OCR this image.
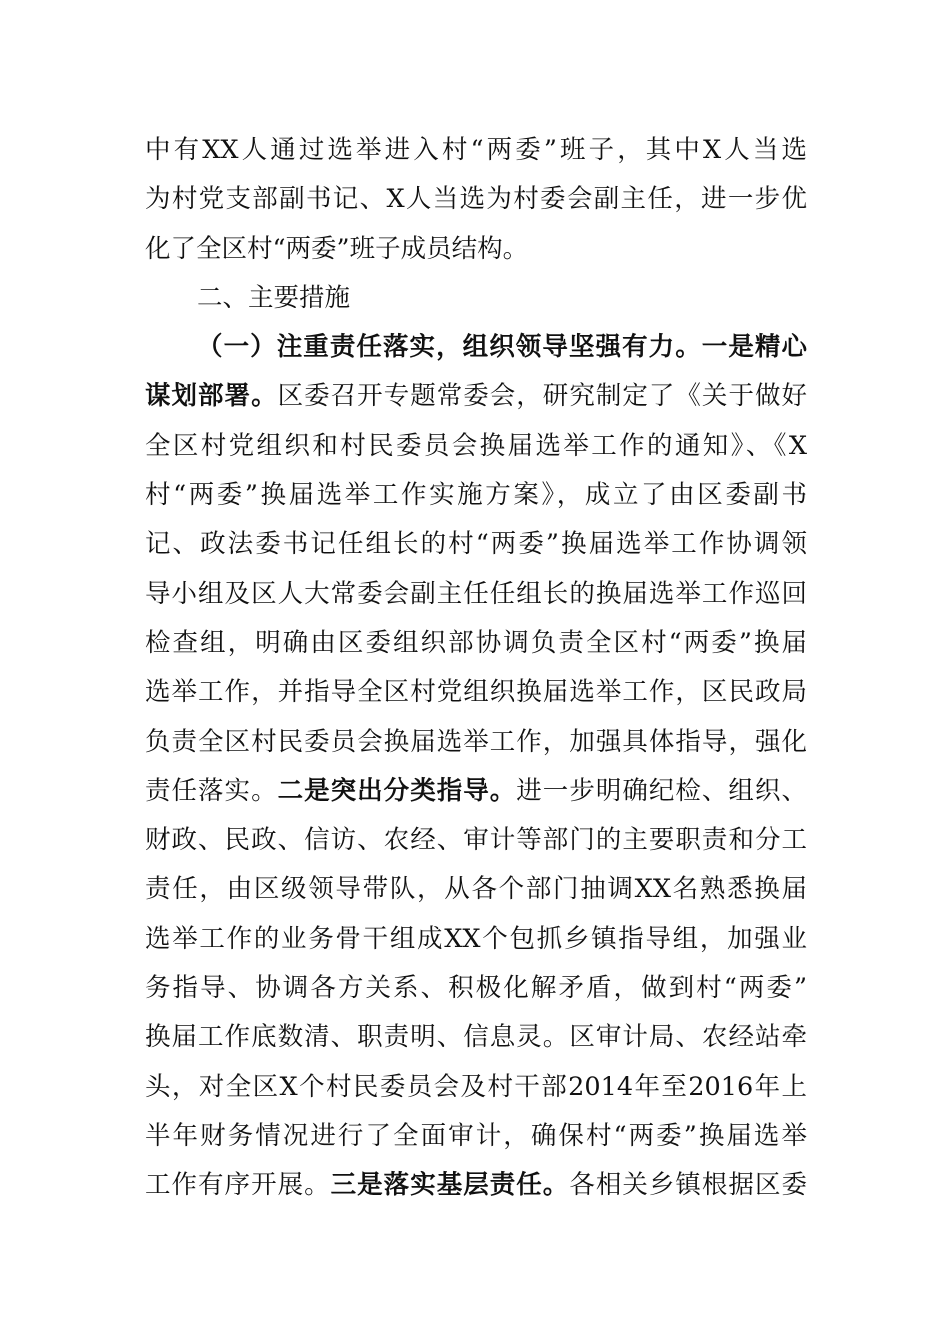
中有XX人通过选举进入村“两委”班子，其中X人当选
为村党支部副书记、X人当选为村委会副主任，进一步优
化了全区村“两委”班子成员结构。
二、主要措施
（一）注重责任落实，组织领导坚强有力。一是精心
谋划部署。区委召开专题常委会，研究制定了《关于做好
全区村党组织和村民委员会换届选举工作的通知》、《X
村“两委”换届选举工作实施方案》，成立了由区委副书
记、政法委书记任组长的村“两委”换届选举工作协调领
导小组及区人大常委会副主任任组长的换届选举工作巡回
检查组，明确由区委组织部协调负责全区村“两委”换届
选举工作，并指导全区村党组织换届选举工作，区民政局
负责全区村民委员会换届选举工作，加强具体指导，强化
责任落实。二是突出分类指导。进一步明确纪检、组织、
财政、民政、信访、农经、审计等部门的主要职责和分工
责任，由区级领导带队，从各个部门抽调XX名熟悉换届
选举工作的业务骨干组成XX个包抓乡镇指导组，加强业
务指导、协调各方关系、积极化解矛盾，做到村“两委”
换届工作底数清、职责明、信息灵。区审计局、农经站牵
头，对全区X个村民委员会及村干部2014年至2016年上
半年财务情况进行了全面审计，确保村“两委”换届选举
工作有序开展。三是落实基层责任。各相关乡镇根据区委
